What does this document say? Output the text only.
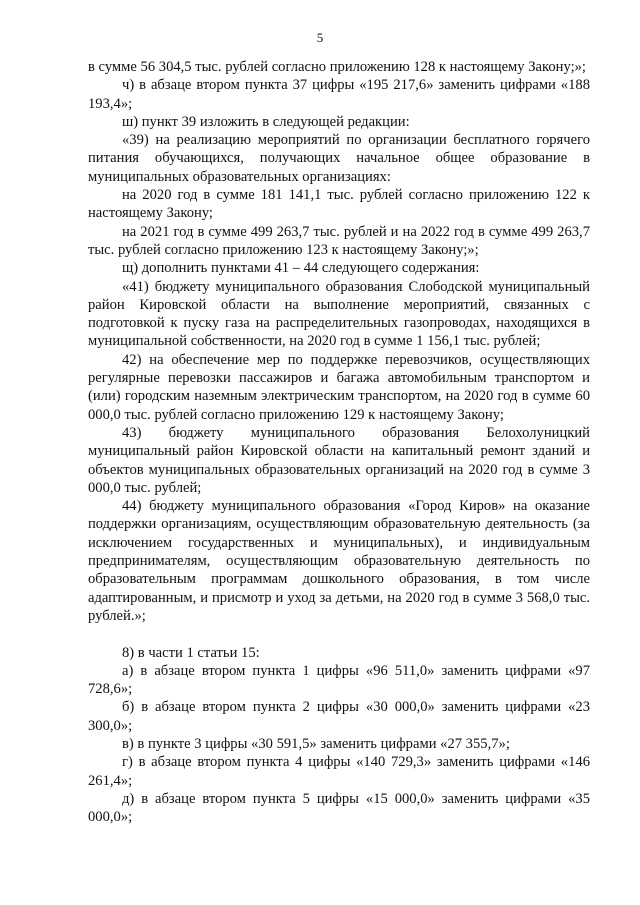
5

в сумме 56 304,5 тыс. рублей согласно приложению 128 к настоящему Закону;»;

ч) в абзаце втором пункта 37 цифры «195 217,6» заменить цифрами «188 193,4»;

ш) пункт 39 изложить в следующей редакции:

«39) на реализацию мероприятий по организации бесплатного горячего питания обучающихся, получающих начальное общее образование в муниципальных образовательных организациях:

на 2020 год в сумме 181 141,1 тыс. рублей согласно приложению 122 к настоящему Закону;

на 2021 год в сумме 499 263,7 тыс. рублей и на 2022 год в сумме 499 263,7 тыс. рублей согласно приложению 123 к настоящему Закону;»;

щ) дополнить пунктами 41 – 44 следующего содержания:

«41) бюджету муниципального образования Слободской муниципальный район Кировской области на выполнение мероприятий, связанных с подготовкой к пуску газа на распределительных газопроводах, находящихся в муниципальной собственности, на 2020 год в сумме 1 156,1 тыс. рублей;

42) на обеспечение мер по поддержке перевозчиков, осуществляющих регулярные перевозки пассажиров и багажа автомобильным транспортом и (или) городским наземным электрическим транспортом, на 2020 год в сумме 60 000,0 тыс. рублей согласно приложению 129 к настоящему Закону;

43) бюджету муниципального образования Белохолуницкий муниципальный район Кировской области на капитальный ремонт зданий и объектов муниципальных образовательных организаций на 2020 год в сумме 3 000,0 тыс. рублей;

44) бюджету муниципального образования «Город Киров» на оказание поддержки организациям, осуществляющим образовательную деятельность (за исключением государственных и муниципальных), и индивидуальным предпринимателям, осуществляющим образовательную деятельность по образовательным программам дошкольного образования, в том числе адаптированным, и присмотр и уход за детьми, на 2020 год в сумме 3 568,0 тыс. рублей.»;

8) в части 1 статьи 15:

а) в абзаце втором пункта 1 цифры «96 511,0» заменить цифрами «97 728,6»;

б) в абзаце втором пункта 2 цифры «30 000,0» заменить цифрами «23 300,0»;

в) в пункте 3 цифры «30 591,5» заменить цифрами «27 355,7»;

г) в абзаце втором пункта 4 цифры «140 729,3» заменить цифрами «146 261,4»;

д) в абзаце втором пункта 5 цифры «15 000,0» заменить цифрами «35 000,0»;
